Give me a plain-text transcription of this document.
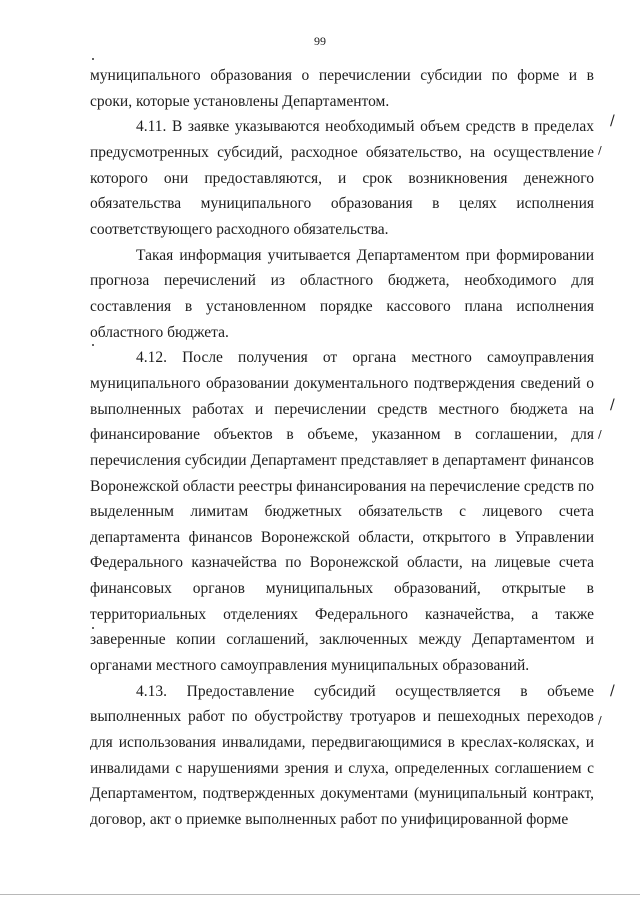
99

муниципального образования о перечислении субсидии по форме и в сроки, которые установлены Департаментом.

4.11. В заявке указываются необходимый объем средств в пределах предусмотренных субсидий, расходное обязательство, на осуществление которого они предоставляются, и срок возникновения денежного обязательства муниципального образования в целях исполнения соответствующего расходного обязательства.

Такая информация учитывается Департаментом при формировании прогноза перечислений из областного бюджета, необходимого для составления в установленном порядке кассового плана исполнения областного бюджета.

4.12. После получения от органа местного самоуправления муниципального образовании документального подтверждения сведений о выполненных работах и перечислении средств местного бюджета на финансирование объектов в объеме, указанном в соглашении, для перечисления субсидии Департамент представляет в департамент финансов Воронежской области реестры финансирования на перечисление средств по выделенным лимитам бюджетных обязательств с лицевого счета департамента финансов Воронежской области, открытого в Управлении Федерального казначейства по Воронежской области, на лицевые счета финансовых органов муниципальных образований, открытые в территориальных отделениях Федерального казначейства, а также заверенные копии соглашений, заключенных между Департаментом и органами местного самоуправления муниципальных образований.

4.13. Предоставление субсидий осуществляется в объеме выполненных работ по обустройству тротуаров и пешеходных переходов для использования инвалидами, передвигающимися в креслах-колясках, и инвалидами с нарушениями зрения и слуха, определенных соглашением с Департаментом, подтвержденных документами (муниципальный контракт, договор, акт о приемке выполненных работ по унифицированной форме

/
/
/
/
/
/
